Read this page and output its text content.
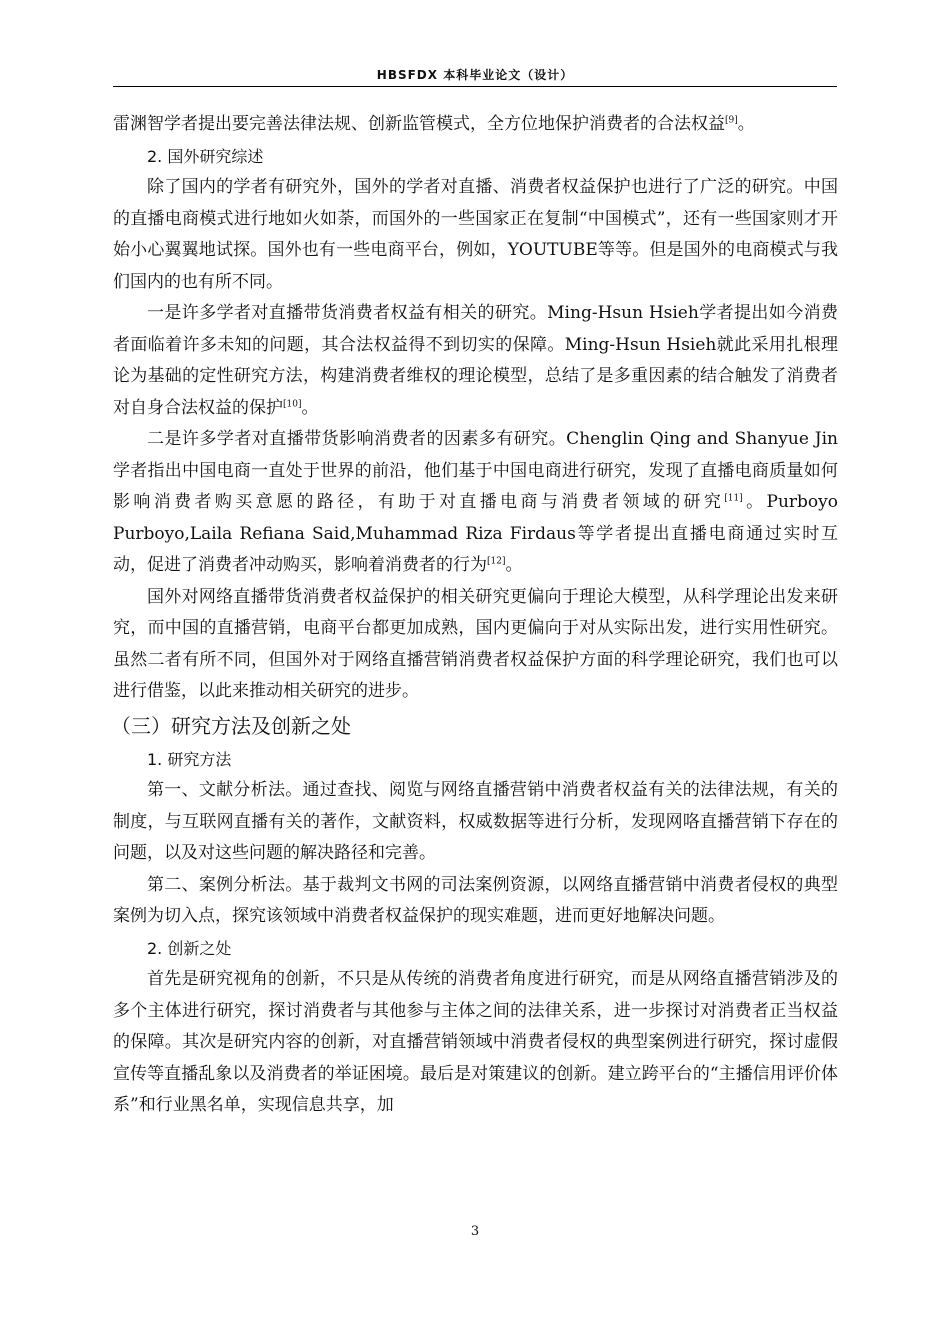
HBSFDX 本科毕业论文（设计）

雷渊智学者提出要完善法律法规、创新监管模式，全方位地保护消费者的合法权益[9]。

2. 国外研究综述

除了国内的学者有研究外，国外的学者对直播、消费者权益保护也进行了广泛的研究。中国的直播电商模式进行地如火如荼，而国外的一些国家正在复制“中国模式”，还有一些国家则才开始小心翼翼地试探。国外也有一些电商平台，例如，YOUTUBE等等。但是国外的电商模式与我们国内的也有所不同。

一是许多学者对直播带货消费者权益有相关的研究。Ming-Hsun Hsieh学者提出如今消费者面临着许多未知的问题，其合法权益得不到切实的保障。Ming-Hsun Hsieh就此采用扎根理论为基础的定性研究方法，构建消费者维权的理论模型，总结了是多重因素的结合触发了消费者对自身合法权益的保护[10]。

二是许多学者对直播带货影响消费者的因素多有研究。Chenglin Qing and Shanyue Jin学者指出中国电商一直处于世界的前沿，他们基于中国电商进行研究，发现了直播电商质量如何影响消费者购买意愿的路径，有助于对直播电商与消费者领域的研究[11]。Purboyo Purboyo,Laila Refiana Said,Muhammad Riza Firdaus等学者提出直播电商通过实时互动，促进了消费者冲动购买，影响着消费者的行为[12]。

国外对网络直播带货消费者权益保护的相关研究更偏向于理论大模型，从科学理论出发来研究，而中国的直播营销，电商平台都更加成熟，国内更偏向于对从实际出发，进行实用性研究。虽然二者有所不同，但国外对于网络直播营销消费者权益保护方面的科学理论研究，我们也可以进行借鉴，以此来推动相关研究的进步。

（三）研究方法及创新之处
1. 研究方法

第一、文献分析法。通过查找、阅览与网络直播营销中消费者权益有关的法律法规，有关的制度，与互联网直播有关的著作，文献资料，权威数据等进行分析，发现网咯直播营销下存在的问题，以及对这些问题的解决路径和完善。

第二、案例分析法。基于裁判文书网的司法案例资源，以网络直播营销中消费者侵权的典型案例为切入点，探究该领域中消费者权益保护的现实难题，进而更好地解决问题。

2. 创新之处

首先是研究视角的创新，不只是从传统的消费者角度进行研究，而是从网络直播营销涉及的多个主体进行研究，探讨消费者与其他参与主体之间的法律关系，进一步探讨对消费者正当权益的保障。其次是研究内容的创新，对直播营销领域中消费者侵权的典型案例进行研究，探讨虚假宣传等直播乱象以及消费者的举证困境。最后是对策建议的创新。建立跨平台的“主播信用评价体系”和行业黑名单，实现信息共享，加

3
